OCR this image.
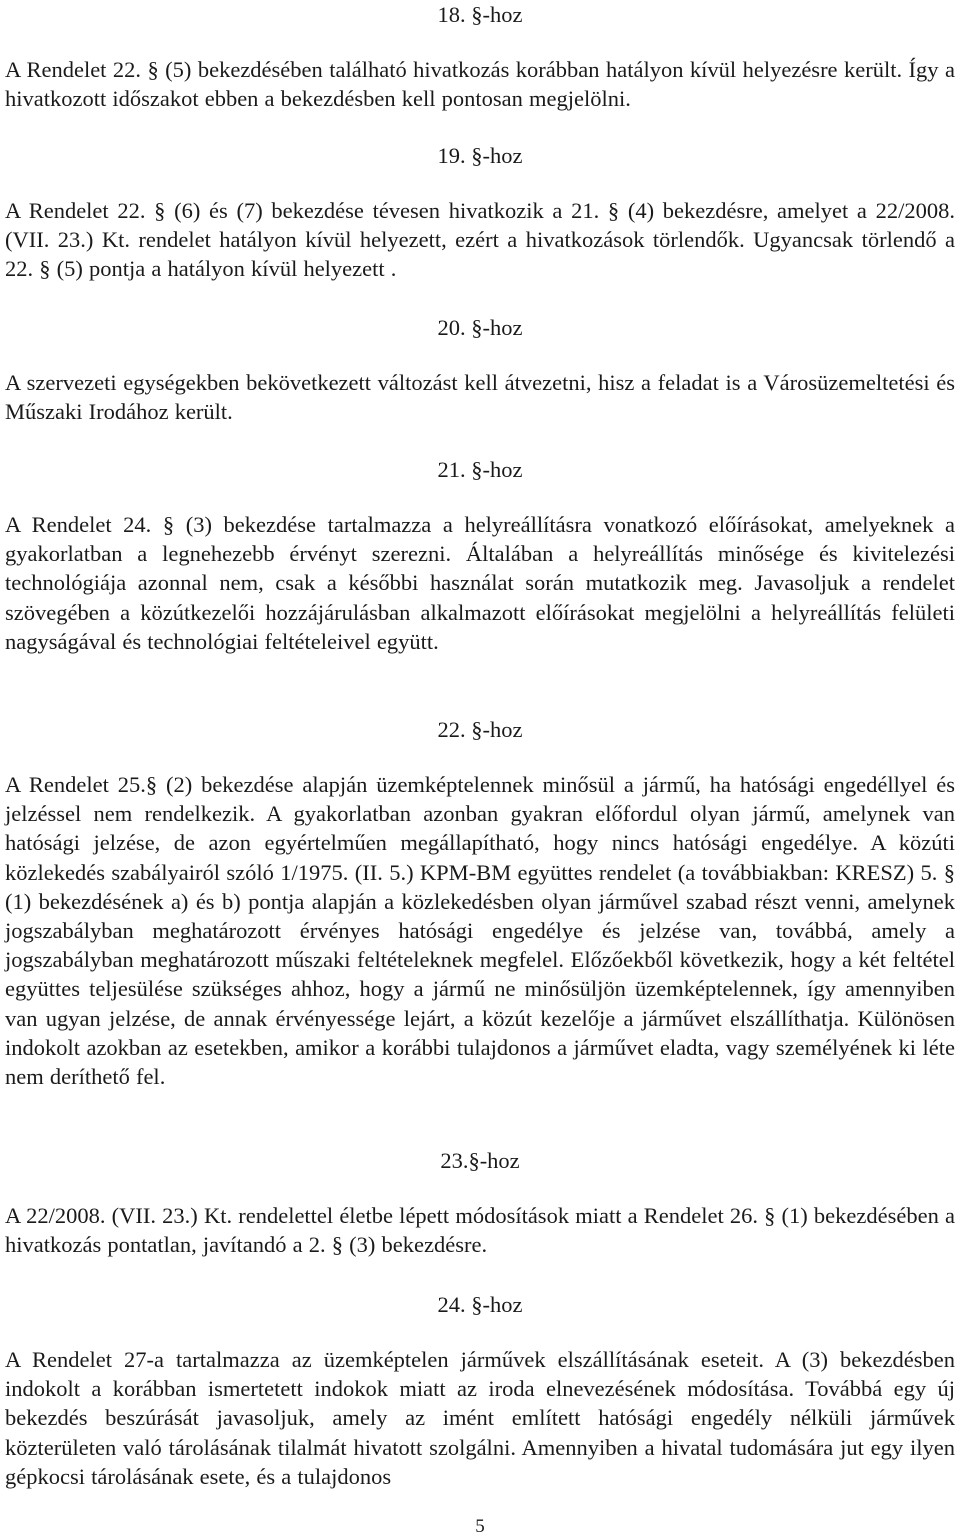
18. §-hoz

A Rendelet 22. § (5) bekezdésében található hivatkozás korábban hatályon kívül helyezésre került. Így a hivatkozott időszakot ebben a bekezdésben kell pontosan megjelölni.

19. §-hoz

A Rendelet 22. § (6) és (7) bekezdése tévesen hivatkozik a 21. § (4) bekezdésre, amelyet a 22/2008. (VII. 23.) Kt. rendelet hatályon kívül helyezett, ezért a hivatkozások törlendők. Ugyancsak törlendő a 22. § (5) pontja a hatályon kívül helyezett .

20. §-hoz

A szervezeti egységekben bekövetkezett változást kell átvezetni, hisz a feladat is a Városüzemeltetési és Műszaki Irodához került.

21. §-hoz

A Rendelet 24. § (3) bekezdése tartalmazza a helyreállításra vonatkozó előírásokat, amelyeknek a gyakorlatban a legnehezebb érvényt szerezni. Általában a helyreállítás minősége és kivitelezési technológiája azonnal nem, csak a későbbi használat során mutatkozik meg. Javasoljuk a rendelet szövegében a közútkezelői hozzájárulásban alkalmazott előírásokat megjelölni a helyreállítás felületi nagyságával és technológiai feltételeivel együtt.

22. §-hoz

A Rendelet 25.§ (2) bekezdése alapján üzemképtelennek minősül a jármű, ha hatósági engedéllyel és jelzéssel nem rendelkezik. A gyakorlatban azonban gyakran előfordul olyan jármű, amelynek van hatósági jelzése, de azon egyértelműen megállapítható, hogy nincs hatósági engedélye. A közúti közlekedés szabályairól szóló 1/1975. (II. 5.) KPM-BM együttes rendelet (a továbbiakban: KRESZ) 5. § (1) bekezdésének a) és b) pontja alapján a közlekedésben olyan járművel szabad részt venni, amelynek jogszabályban meghatározott érvényes hatósági engedélye és jelzése van, továbbá, amely a jogszabályban meghatározott műszaki feltételeknek megfelel. Előzőekből következik, hogy a két feltétel együttes teljesülése szükséges ahhoz, hogy a jármű ne minősüljön üzemképtelennek, így amennyiben van ugyan jelzése, de annak érvényessége lejárt, a közút kezelője a járművet elszállíthatja. Különösen indokolt azokban az esetekben, amikor a korábbi tulajdonos a járművet eladta, vagy személyének ki léte nem deríthető fel.

23.§-hoz

A 22/2008. (VII. 23.) Kt. rendelettel életbe lépett módosítások miatt a Rendelet 26. § (1) bekezdésében a hivatkozás pontatlan, javítandó a 2. § (3) bekezdésre.

24. §-hoz

A Rendelet 27-a tartalmazza az üzemképtelen járművek elszállításának eseteit. A (3) bekezdésben indokolt a korábban ismertetett indokok miatt az iroda elnevezésének módosítása. Továbbá egy új bekezdés beszúrását javasoljuk, amely az imént említett hatósági engedély nélküli járművek közterületen való tárolásának tilalmát hivatott szolgálni. Amennyiben a hivatal tudomására jut egy ilyen gépkocsi tárolásának esete, és a tulajdonos

5
